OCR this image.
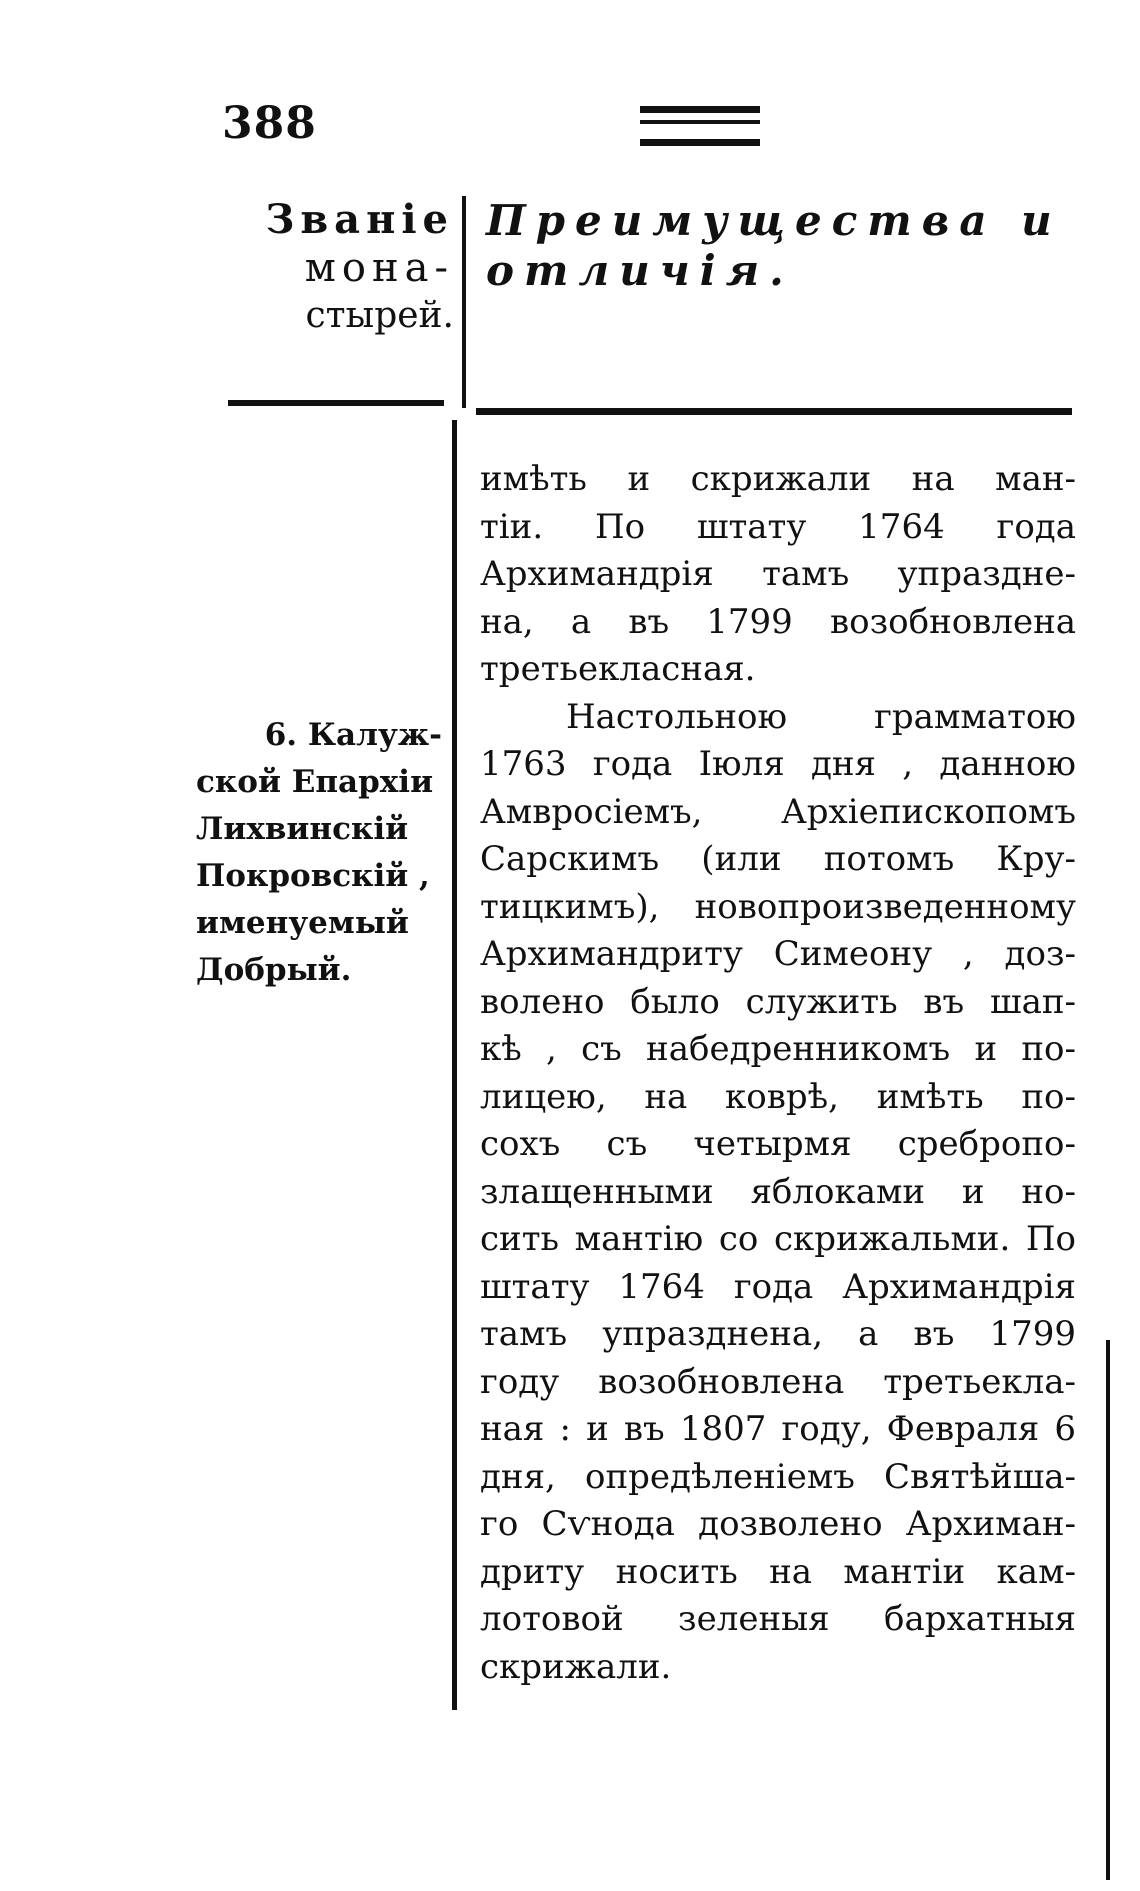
388
Званіе
мона-
стырей.
Преимущества и
отличія.
6. Калуж-
ской Епархіи
Лихвинскій
Покровскій ,
именуемый
Добрый.
имѣть и скрижали на ман-
тіи. По штату 1764 года
Архимандрія тамъ упраздне-
на, а въ 1799 возобновлена
третьекласная.
Настольною грамматою
1763 года Іюля дня , данною
Амвросіемъ, Архіепископомъ
Сарскимъ (или потомъ Кру-
тицкимъ), новопроизведенному
Архимандриту Симеону , доз-
волено было служить въ шап-
кѣ , съ набедренникомъ и по-
лицею, на коврѣ, имѣть по-
сохъ съ четырмя сребропо-
злащенными яблоками и но-
сить мантію со скрижальми. По
штату 1764 года Архимандрія
тамъ упразднена, а въ 1799
году возобновлена третьекла-
ная : и въ 1807 году, Февраля 6
дня, опредѣленіемъ Святѣйша-
го Сѵнода дозволено Архиман-
дриту носить на мантіи кам-
лотовой зеленыя бархатныя
скрижали.
